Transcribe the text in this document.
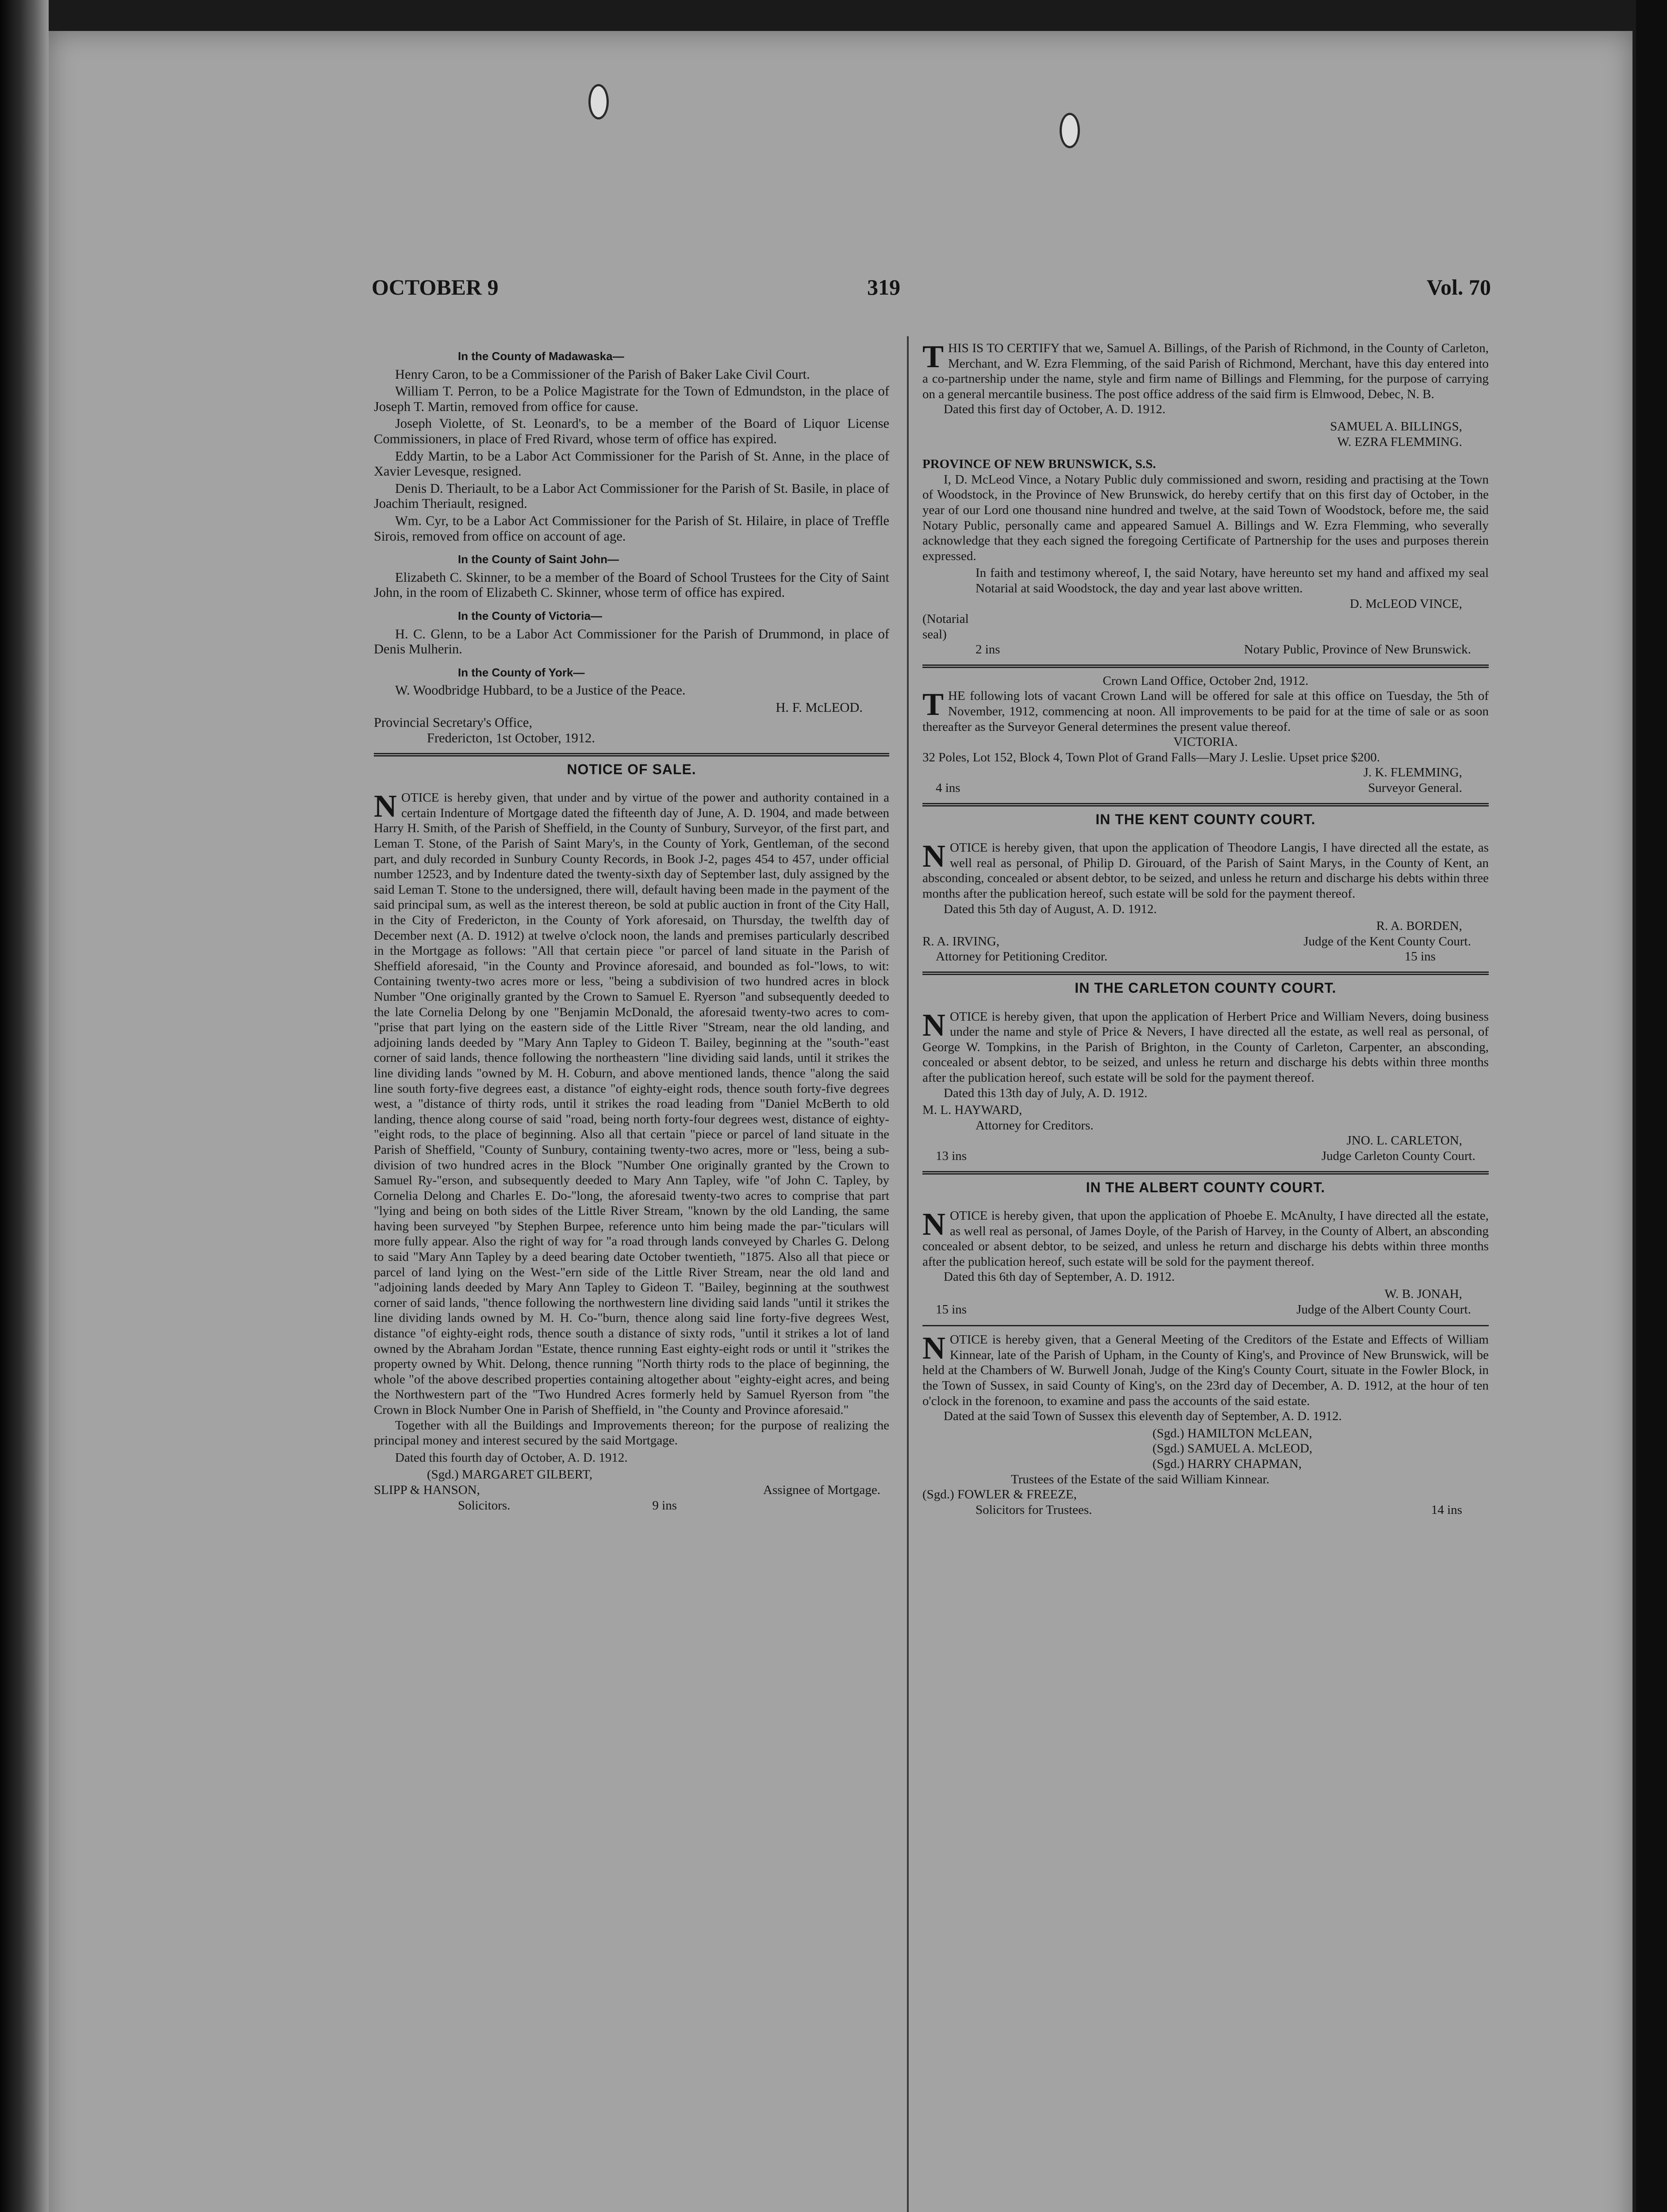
OCTOBER 9	319	Vol. 70
In the County of Madawaska—

Henry Caron, to be a Commissioner of the Parish of Baker Lake Civil Court.

William T. Perron, to be a Police Magistrate for the Town of Edmundston, in the place of Joseph T. Martin, removed from office for cause.

Joseph Violette, of St. Leonard's, to be a member of the Board of Liquor License Commissioners, in place of Fred Rivard, whose term of office has expired.

Eddy Martin, to be a Labor Act Commissioner for the Parish of St. Anne, in the place of Xavier Levesque, resigned.

Denis D. Theriault, to be a Labor Act Commissioner for the Parish of St. Basile, in place of Joachim Theriault, resigned.

Wm. Cyr, to be a Labor Act Commissioner for the Parish of St. Hilaire, in place of Treffle Sirois, removed from office on account of age.

In the County of Saint John—

Elizabeth C. Skinner, to be a member of the Board of School Trustees for the City of Saint John, in the room of Elizabeth C. Skinner, whose term of office has expired.

In the County of Victoria—

H. C. Glenn, to be a Labor Act Commissioner for the Parish of Drummond, in place of Denis Mulherin.

In the County of York—

W. Woodbridge Hubbard, to be a Justice of the Peace.

H. F. McLEOD.

Provincial Secretary's Office,

Fredericton, 1st October, 1912.

NOTICE OF SALE.

NOTICE is hereby given, that under and by virtue of the power and authority contained in a certain Indenture of Mortgage dated the fifteenth day of June, A. D. 1904, and made between Harry H. Smith, of the Parish of Sheffield, in the County of Sunbury, Surveyor, of the first part, and Leman T. Stone, of the Parish of Saint Mary's, in the County of York, Gentleman, of the second part, and duly recorded in Sunbury County Records, in Book J-2, pages 454 to 457, under official number 12523, and by Indenture dated the twenty-sixth day of September last, duly assigned by the said Leman T. Stone to the undersigned, there will, default having been made in the payment of the said principal sum, as well as the interest thereon, be sold at public auction in front of the City Hall, in the City of Fredericton, in the County of York aforesaid, on Thursday, the twelfth day of December next (A. D. 1912) at twelve o'clock noon, the lands and premises particularly described in the Mortgage as follows: "All that certain piece "or parcel of land situate in the Parish of Sheffield aforesaid, "in the County and Province aforesaid, and bounded as fol-"lows, to wit: Containing twenty-two acres more or less, "being a subdivision of two hundred acres in block Number "One originally granted by the Crown to Samuel E. Ryerson "and subsequently deeded to the late Cornelia Delong by one "Benjamin McDonald, the aforesaid twenty-two acres to com-"prise that part lying on the eastern side of the Little River "Stream, near the old landing, and adjoining lands deeded by "Mary Ann Tapley to Gideon T. Bailey, beginning at the "south-"east corner of said lands, thence following the northeastern "line dividing said lands, until it strikes the line dividing lands "owned by M. H. Coburn, and above mentioned lands, thence "along the said line south forty-five degrees east, a distance "of eighty-eight rods, thence south forty-five degrees west, a "distance of thirty rods, until it strikes the road leading from "Daniel McBerth to old landing, thence along course of said "road, being north forty-four degrees west, distance of eighty-"eight rods, to the place of beginning. Also all that certain "piece or parcel of land situate in the Parish of Sheffield, "County of Sunbury, containing twenty-two acres, more or "less, being a sub-division of two hundred acres in the Block "Number One originally granted by the Crown to Samuel Ry-"erson, and subsequently deeded to Mary Ann Tapley, wife "of John C. Tapley, by Cornelia Delong and Charles E. Do-"long, the aforesaid twenty-two acres to comprise that part "lying and being on both sides of the Little River Stream, "known by the old Landing, the same having been surveyed "by Stephen Burpee, reference unto him being made the par-"ticulars will more fully appear. Also the right of way for "a road through lands conveyed by Charles G. Delong to said "Mary Ann Tapley by a deed bearing date October twentieth, "1875. Also all that piece or parcel of land lying on the West-"ern side of the Little River Stream, near the old land and "adjoining lands deeded by Mary Ann Tapley to Gideon T. "Bailey, beginning at the southwest corner of said lands, "thence following the northwestern line dividing said lands "until it strikes the line dividing lands owned by M. H. Co-"burn, thence along said line forty-five degrees West, distance "of eighty-eight rods, thence south a distance of sixty rods, "until it strikes a lot of land owned by the Abraham Jordan "Estate, thence running East eighty-eight rods or until it "strikes the property owned by Whit. Delong, thence running "North thirty rods to the place of beginning, the whole "of the above described properties containing altogether about "eighty-eight acres, and being the Northwestern part of the "Two Hundred Acres formerly held by Samuel Ryerson from "the Crown in Block Number One in Parish of Sheffield, in "the County and Province aforesaid."

Together with all the Buildings and Improvements thereon; for the purpose of realizing the principal money and interest secured by the said Mortgage.

Dated this fourth day of October, A. D. 1912.

(Sgd.) MARGARET GILBERT,

SLIPP & HANSON,	Assignee of Mortgage.
Solicitors.	9 ins

THIS IS TO CERTIFY that we, Samuel A. Billings, of the Parish of Richmond, in the County of Carleton, Merchant, and W. Ezra Flemming, of the said Parish of Richmond, Merchant, have this day entered into a co-partnership under the name, style and firm name of Billings and Flemming, for the purpose of carrying on a general mercantile business. The post office address of the said firm is Elmwood, Debec, N. B.

Dated this first day of October, A. D. 1912.

SAMUEL A. BILLINGS,

W. EZRA FLEMMING.

PROVINCE OF NEW BRUNSWICK, S.S.

I, D. McLeod Vince, a Notary Public duly commissioned and sworn, residing and practising at the Town of Woodstock, in the Province of New Brunswick, do hereby certify that on this first day of October, in the year of our Lord one thousand nine hundred and twelve, at the said Town of Woodstock, before me, the said Notary Public, personally came and appeared Samuel A. Billings and W. Ezra Flemming, who severally acknowledge that they each signed the foregoing Certificate of Partnership for the uses and purposes therein expressed.

In faith and testimony whereof, I, the said Notary, have hereunto set my hand and affixed my seal Notarial at said Woodstock, the day and year last above written.

D. McLEOD VINCE,

(Notarial seal)

2 ins	Notary Public, Province of New Brunswick.

Crown Land Office, October 2nd, 1912.

THE following lots of vacant Crown Land will be offered for sale at this office on Tuesday, the 5th of November, 1912, commencing at noon. All improvements to be paid for at the time of sale or as soon thereafter as the Surveyor General determines the present value thereof.

VICTORIA.

32 Poles, Lot 152, Block 4, Town Plot of Grand Falls—Mary J. Leslie. Upset price $200.

J. K. FLEMMING,

4 ins	Surveyor General.
IN THE KENT COUNTY COURT.

NOTICE is hereby given, that upon the application of Theodore Langis, I have directed all the estate, as well real as personal, of Philip D. Girouard, of the Parish of Saint Marys, in the County of Kent, an absconding, concealed or absent debtor, to be seized, and unless he return and discharge his debts within three months after the publication hereof, such estate will be sold for the payment thereof.

Dated this 5th day of August, A. D. 1912.

R. A. BORDEN,

R. A. IRVING,	Judge of the Kent County Court.
Attorney for Petitioning Creditor.	15 ins
IN THE CARLETON COUNTY COURT.

NOTICE is hereby given, that upon the application of Herbert Price and William Nevers, doing business under the name and style of Price & Nevers, I have directed all the estate, as well real as personal, of George W. Tompkins, in the Parish of Brighton, in the County of Carleton, Carpenter, an absconding, concealed or absent debtor, to be seized, and unless he return and discharge his debts within three months after the publication hereof, such estate will be sold for the payment thereof.

Dated this 13th day of July, A. D. 1912.

M. L. HAYWARD,

Attorney for Creditors.

JNO. L. CARLETON,

13 ins	Judge Carleton County Court.
IN THE ALBERT COUNTY COURT.

NOTICE is hereby given, that upon the application of Phoebe E. McAnulty, I have directed all the estate, as well real as personal, of James Doyle, of the Parish of Harvey, in the County of Albert, an absconding concealed or absent debtor, to be seized, and unless he return and discharge his debts within three months after the publication hereof, such estate will be sold for the payment thereof.

Dated this 6th day of September, A. D. 1912.

W. B. JONAH,

15 ins	Judge of the Albert County Court.

NOTICE is hereby given, that a General Meeting of the Creditors of the Estate and Effects of William Kinnear, late of the Parish of Upham, in the County of King's, and Province of New Brunswick, will be held at the Chambers of W. Burwell Jonah, Judge of the King's County Court, situate in the Fowler Block, in the Town of Sussex, in said County of King's, on the 23rd day of December, A. D. 1912, at the hour of ten o'clock in the forenoon, to examine and pass the accounts of the said estate.

Dated at the said Town of Sussex this eleventh day of September, A. D. 1912.

(Sgd.) HAMILTON McLEAN,

(Sgd.) SAMUEL A. McLEOD,

(Sgd.) HARRY CHAPMAN,

Trustees of the Estate of the said William Kinnear.

(Sgd.) FOWLER & FREEZE,

Solicitors for Trustees.	14 ins
